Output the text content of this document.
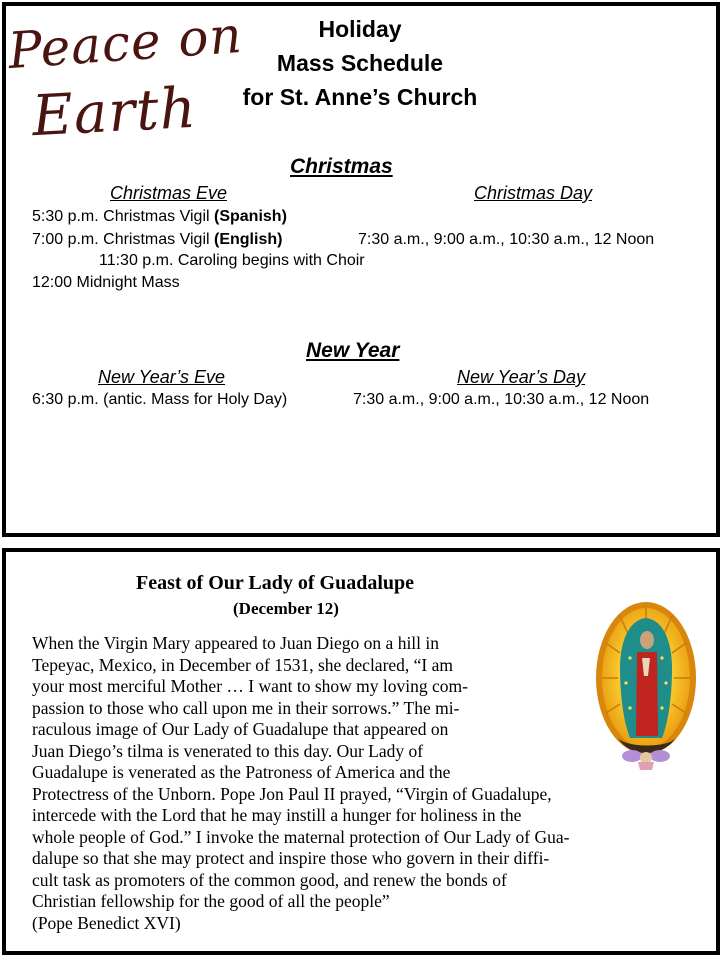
Peace on
Earth
Holiday
Mass Schedule
for St. Anne’s Church
Christmas
Christmas Eve	Christmas Day
5:30 p.m. Christmas Vigil (Spanish)
7:00 p.m. Christmas Vigil (English)	7:30 a.m., 9:00 a.m., 10:30 a.m., 12 Noon
11:30 p.m. Caroling begins with Choir
12:00 Midnight Mass
New Year
New Year’s Eve	New Year’s Day
6:30 p.m. (antic. Mass for Holy Day)	7:30 a.m., 9:00 a.m., 10:30 a.m., 12 Noon
Feast of Our Lady of Guadalupe
(December 12)
When the Virgin Mary appeared to Juan Diego on a hill in
Tepeyac, Mexico, in December of 1531, she declared, “I am
your most merciful Mother … I want to show my loving com-
passion to those who call upon me in their sorrows.” The mi-
raculous image of Our Lady of Guadalupe that appeared on
Juan Diego’s tilma is venerated to this day. Our Lady of
Guadalupe is venerated as the Patroness of America and the
Protectress of the Unborn. Pope Jon Paul II prayed, “Virgin of Guadalupe,
intercede with the Lord that he may instill a hunger for holiness in the
whole people of God.” I invoke the maternal protection of Our Lady of Gua-
dalupe so that she may protect and inspire those who govern in their diffi-
cult task as promoters of the common good, and renew the bonds of
Christian fellowship for the good of all the people”
(Pope Benedict XVI)
